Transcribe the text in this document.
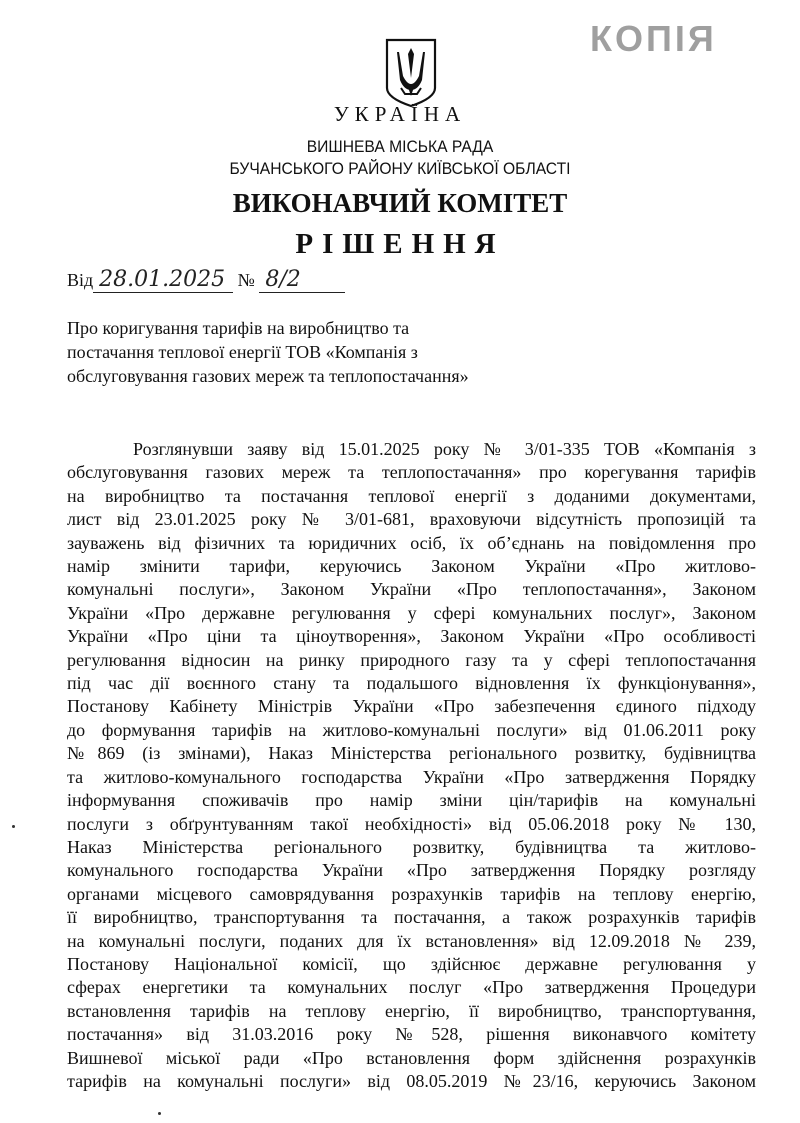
КОПІЯ
УКРАЇНА
ВИШНЕВА МІСЬКА РАДА
БУЧАНСЬКОГО РАЙОНУ КИЇВСЬКОЇ ОБЛАСТІ
ВИКОНАВЧИЙ КОМІТЕТ
РІШЕННЯ
Від 28.01.2025 № 8/2
Про коригування тарифів на виробництво та
постачання теплової енергії ТОВ «Компанія з
обслуговування газових мереж та теплопостачання»
Розглянувши заяву від 15.01.2025 року № 3/01-335 ТОВ «Компанія з
обслуговування газових мереж та теплопостачання» про корегування тарифів
на виробництво та постачання теплової енергії з доданими документами,
лист від 23.01.2025 року № 3/01-681, враховуючи відсутність пропозицій та
зауважень від фізичних та юридичних осіб, їх об’єднань на повідомлення про
намір змінити тарифи, керуючись Законом України «Про житлово-
комунальні послуги», Законом України «Про теплопостачання», Законом
України «Про державне регулювання у сфері комунальних послуг», Законом
України «Про ціни та ціноутворення», Законом України «Про особливості
регулювання відносин на ринку природного газу та у сфері теплопостачання
під час дії воєнного стану та подальшого відновлення їх функціонування»,
Постанову Кабінету Міністрів України «Про забезпечення єдиного підходу
до формування тарифів на житлово-комунальні послуги» від 01.06.2011 року
№869 (із змінами), Наказ Міністерства регіонального розвитку, будівництва
та житлово-комунального господарства України «Про затвердження Порядку
інформування споживачів про намір зміни цін/тарифів на комунальні
послуги з обґрунтуванням такої необхідності» від 05.06.2018 року № 130,
Наказ Міністерства регіонального розвитку, будівництва та житлово-
комунального господарства України «Про затвердження Порядку розгляду
органами місцевого самоврядування розрахунків тарифів на теплову енергію,
її виробництво, транспортування та постачання, а також розрахунків тарифів
на комунальні послуги, поданих для їх встановлення» від 12.09.2018 № 239,
Постанову Національної комісії, що здійснює державне регулювання у
сферах енергетики та комунальних послуг «Про затвердження Процедури
встановлення тарифів на теплову енергію, її виробництво, транспортування,
постачання» від 31.03.2016 року №528, рішення виконавчого комітету
Вишневої міської ради «Про встановлення форм здійснення розрахунків
тарифів на комунальні послуги» від 08.05.2019 №23/16, керуючись Законом
